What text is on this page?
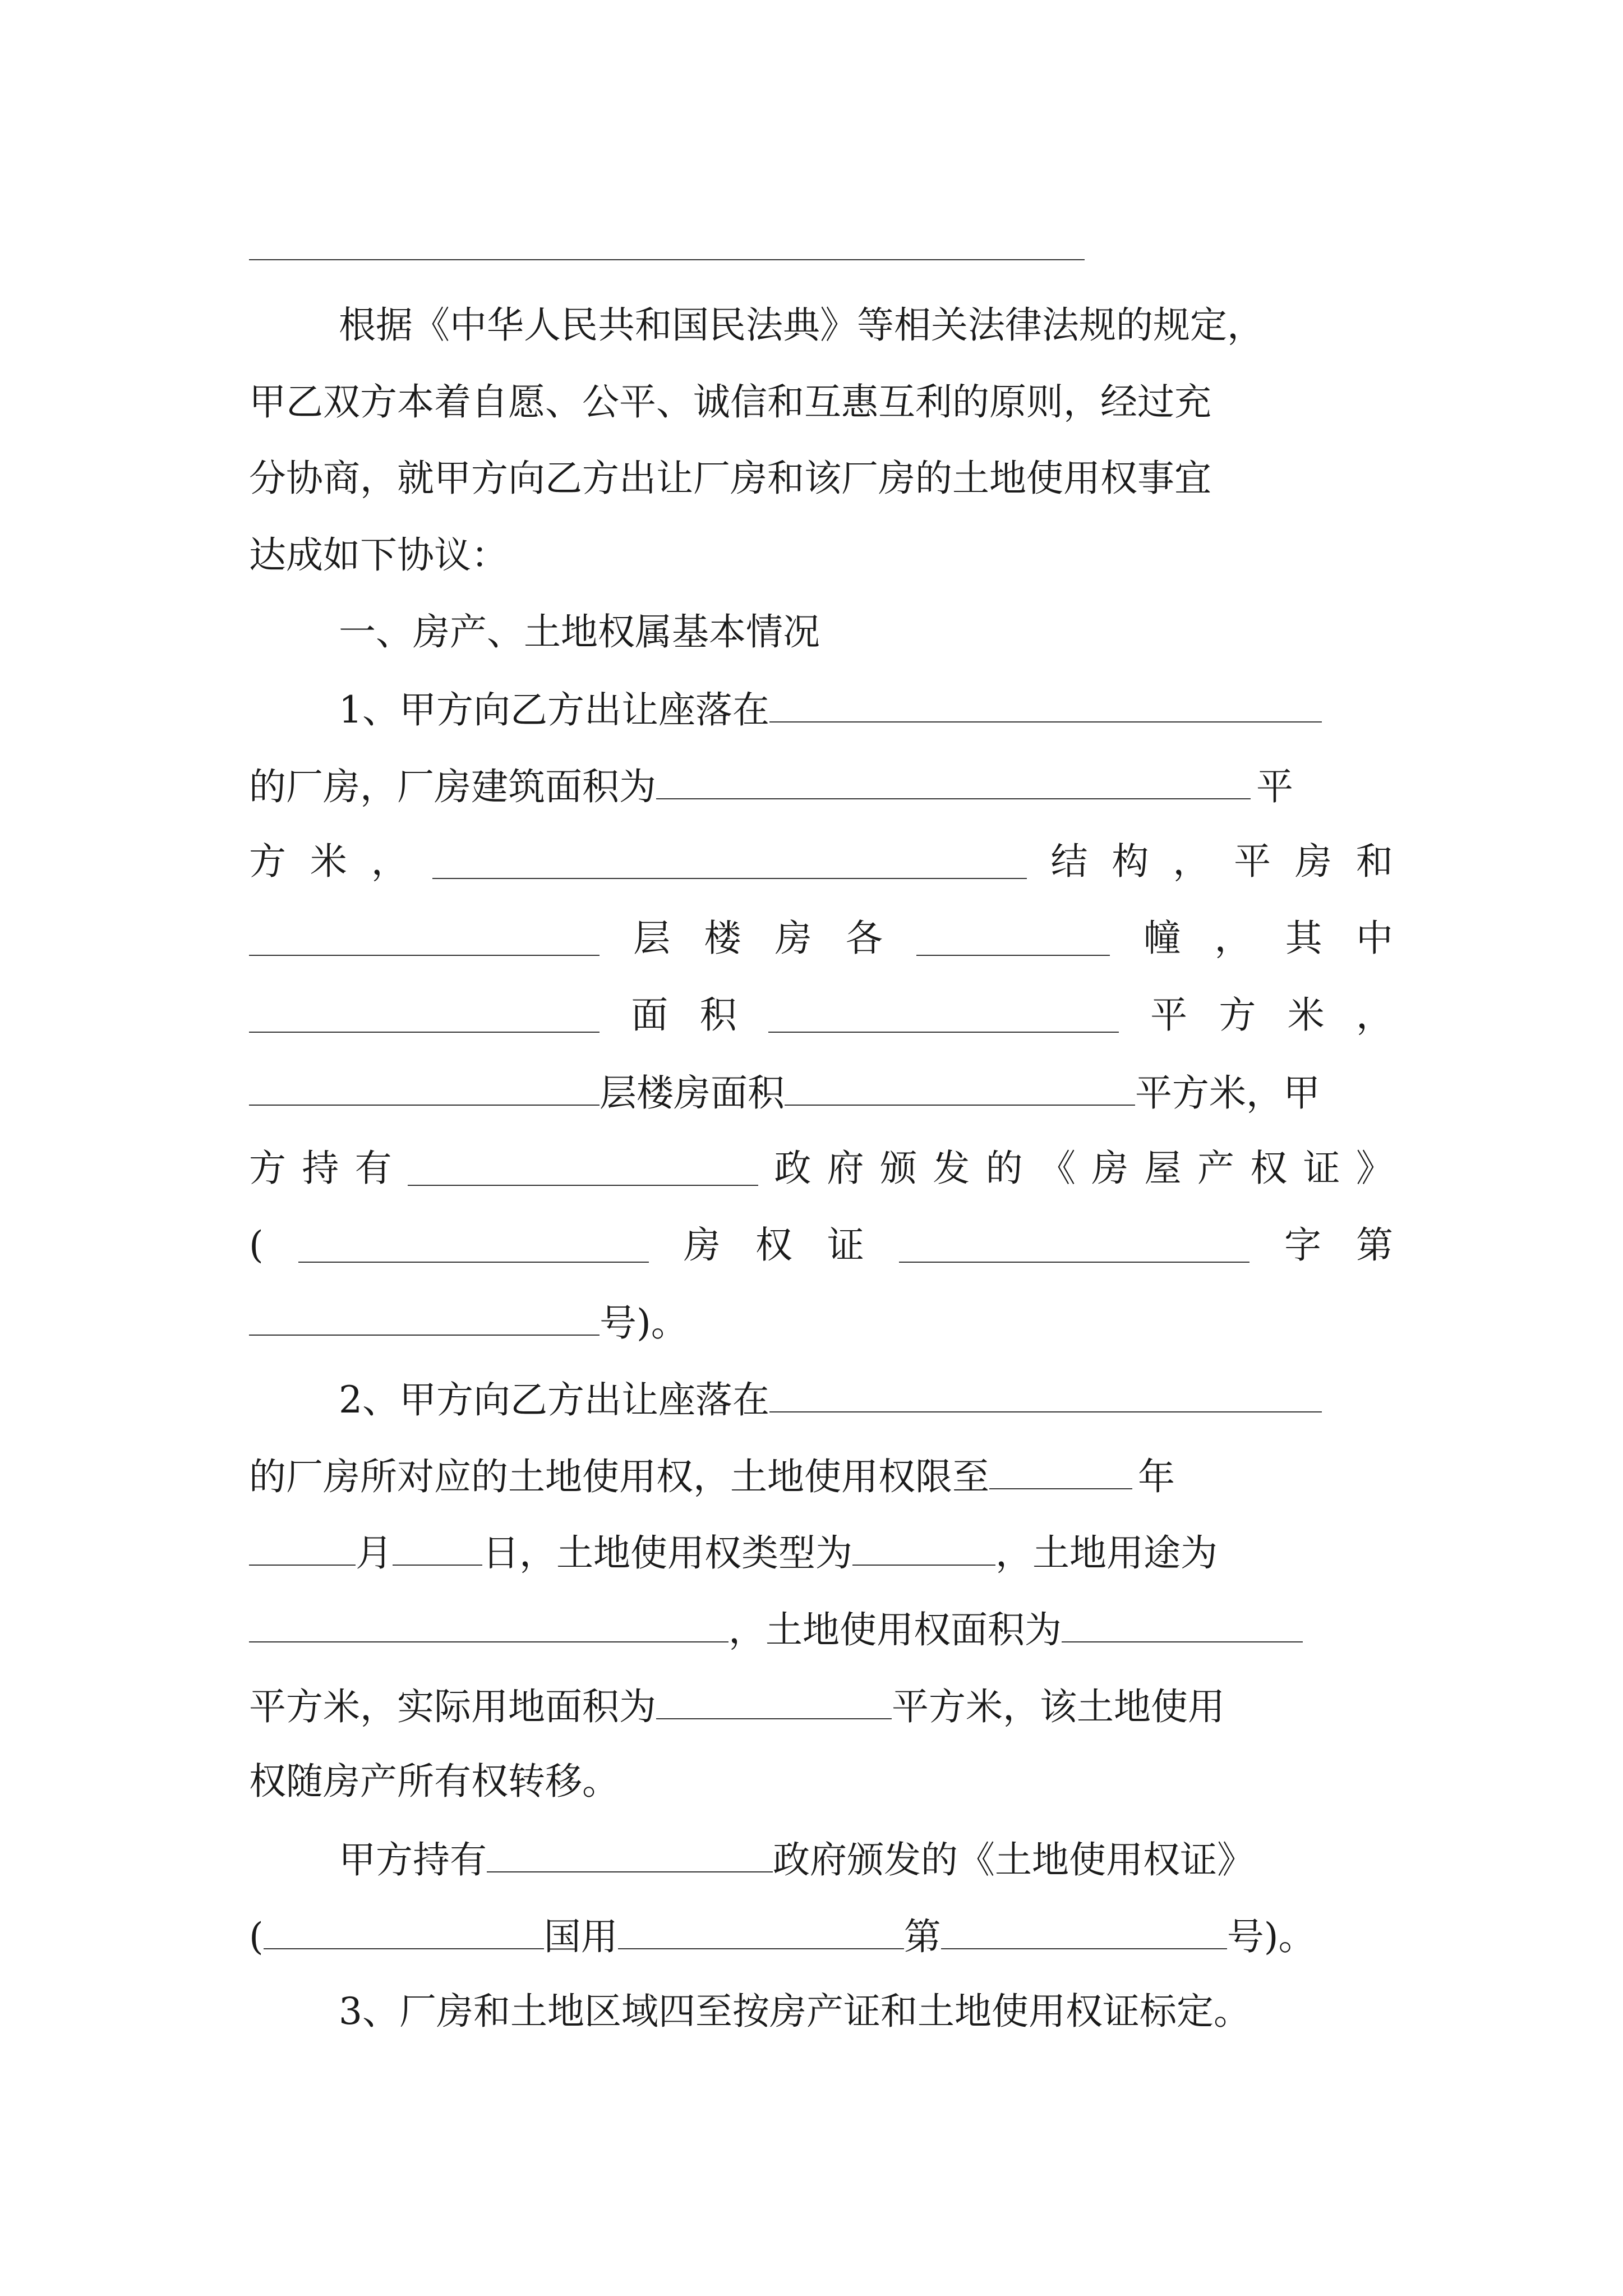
根据《中华人民共和国民法典》等相关法律法规的规定，
甲乙双方本着自愿、公平、诚信和互惠互利的原则，经过充
分协商，就甲方向乙方出让厂房和该厂房的土地使用权事宜
达成如下协议：
一、房产、土地权属基本情况
1、甲方向乙方出让座落在
的厂房，厂房建筑面积为	平
方 米 ，	结 构 ， 平 房 和
层 楼 房 各	幢 ， 其 中
面 积	平 方 米 ，
层楼房面积	平方米，甲
方 持 有	政 府 颁 发 的 《 房 屋 产 权 证 》
(	房 权 证	字 第
号)。
2、甲方向乙方出让座落在
的厂房所对应的土地使用权，土地使用权限至	年
月 日，土地使用权类型为	，土地用途为
，土地使用权面积为
平方米，实际用地面积为	平方米，该土地使用
权随房产所有权转移。
甲方持有	政府颁发的《土地使用权证》
(	国用	第	号)。
3、厂房和土地区域四至按房产证和土地使用权证标定。
